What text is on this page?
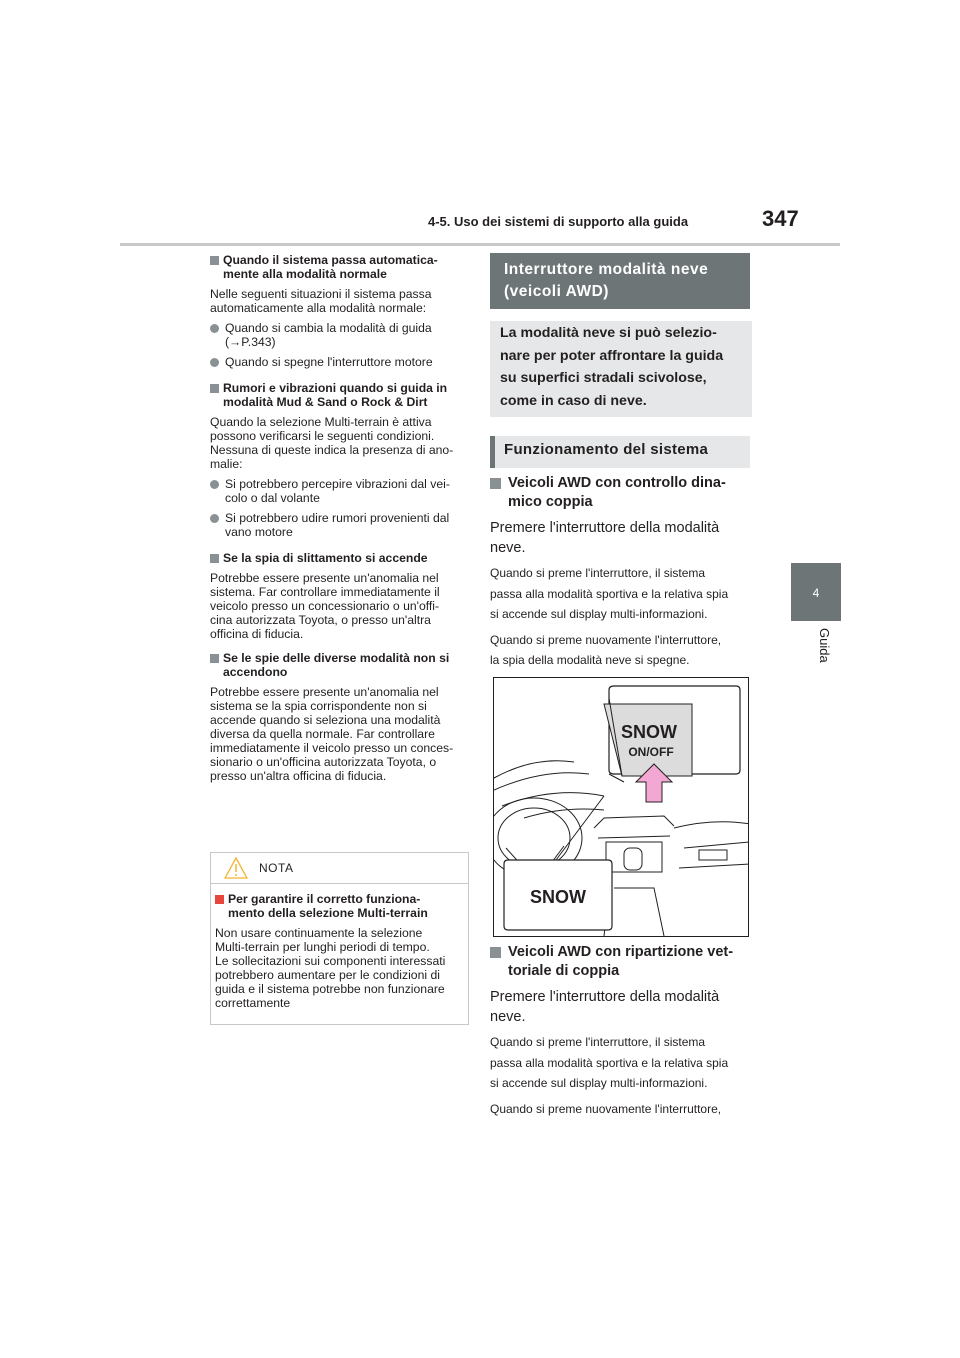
4-5. Uso dei sistemi di supporto alla guida	347
4
Guida
Quando il sistema passa automatica-
mente alla modalità normale
Nelle seguenti situazioni il sistema passa
automaticamente alla modalità normale:
Quando si cambia la modalità di guida
(→P.343)
Quando si spegne l'interruttore motore
Rumori e vibrazioni quando si guida in
modalità Mud & Sand o Rock & Dirt
Quando la selezione Multi-terrain è attiva
possono verificarsi le seguenti condizioni.
Nessuna di queste indica la presenza di ano-
malie:
Si potrebbero percepire vibrazioni dal vei-
colo o dal volante
Si potrebbero udire rumori provenienti dal
vano motore
Se la spia di slittamento si accende
Potrebbe essere presente un'anomalia nel
sistema. Far controllare immediatamente il
veicolo presso un concessionario o un'offi-
cina autorizzata Toyota, o presso un'altra
officina di fiducia.
Se le spie delle diverse modalità non si
accendono
Potrebbe essere presente un'anomalia nel
sistema se la spia corrispondente non si
accende quando si seleziona una modalità
diversa da quella normale. Far controllare
immediatamente il veicolo presso un conces-
sionario o un'officina autorizzata Toyota, o
presso un'altra officina di fiducia.
NOTA
Per garantire il corretto funziona-
mento della selezione Multi-terrain
Non usare continuamente la selezione
Multi-terrain per lunghi periodi di tempo.
Le sollecitazioni sui componenti interessati
potrebbero aumentare per le condizioni di
guida e il sistema potrebbe non funzionare
correttamente
Interruttore modalità neve
(veicoli AWD)
La modalità neve si può selezio-
nare per poter affrontare la guida
su superfici stradali scivolose,
come in caso di neve.
Funzionamento del sistema
Veicoli AWD con controllo dina-
mico coppia
Premere l'interruttore della modalità
neve.
Quando si preme l'interruttore, il sistema
passa alla modalità sportiva e la relativa spia
si accende sul display multi-informazioni.
Quando si preme nuovamente l'interruttore,
la spia della modalità neve si spegne.
SNOW
ON/OFF
SNOW
Veicoli AWD con ripartizione vet-
toriale di coppia
Premere l'interruttore della modalità
neve.
Quando si preme l'interruttore, il sistema
passa alla modalità sportiva e la relativa spia
si accende sul display multi-informazioni.
Quando si preme nuovamente l'interruttore,
